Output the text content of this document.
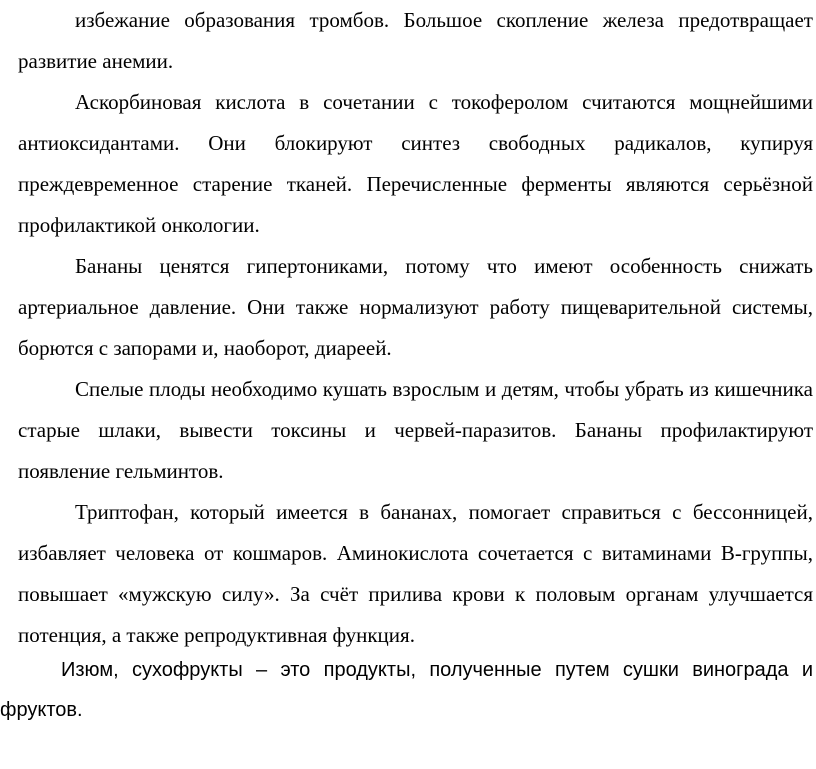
избежание образования тромбов. Большое скопление железа предотвращает развитие анемии.

Аскорбиновая кислота в сочетании с токоферолом считаются мощнейшими антиоксидантами. Они блокируют синтез свободных радикалов, купируя преждевременное старение тканей. Перечисленные ферменты являются серьёзной профилактикой онкологии.

Бананы ценятся гипертониками, потому что имеют особенность снижать артериальное давление. Они также нормализуют работу пищеварительной системы, борются с запорами и, наоборот, диареей.

Спелые плоды необходимо кушать взрослым и детям, чтобы убрать из кишечника старые шлаки, вывести токсины и червей-паразитов. Бананы профилактируют появление гельминтов.

Триптофан, который имеется в бананах, помогает справиться с бессонницей, избавляет человека от кошмаров. Аминокислота сочетается с витаминами В-группы, повышает «мужскую силу». За счёт прилива крови к половым органам улучшается потенция, а также репродуктивная функция.

Изюм, сухофрукты – это продукты, полученные путем сушки винограда и фруктов.
